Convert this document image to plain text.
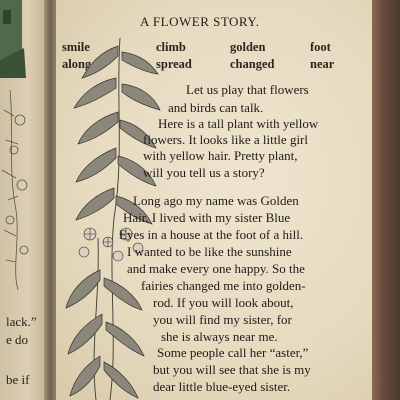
lack.”
e do
be if
A FLOWER STORY.
smile	climb	golden	foot
along	spread	changed	near
Let us play that flowers
and birds can talk.
Here is a tall plant with yellow
flowers. It looks like a little girl
with yellow hair. Pretty plant,
will you tell us a story?
Long ago my name was Golden
Hair. I lived with my sister Blue
Eyes in a house at the foot of a hill.
I wanted to be like the sunshine
and make every one happy. So the
fairies changed me into golden-
rod. If you will look about,
you will find my sister, for
she is always near me.
Some people call her “aster,”
but you will see that she is my
dear little blue-eyed sister.
